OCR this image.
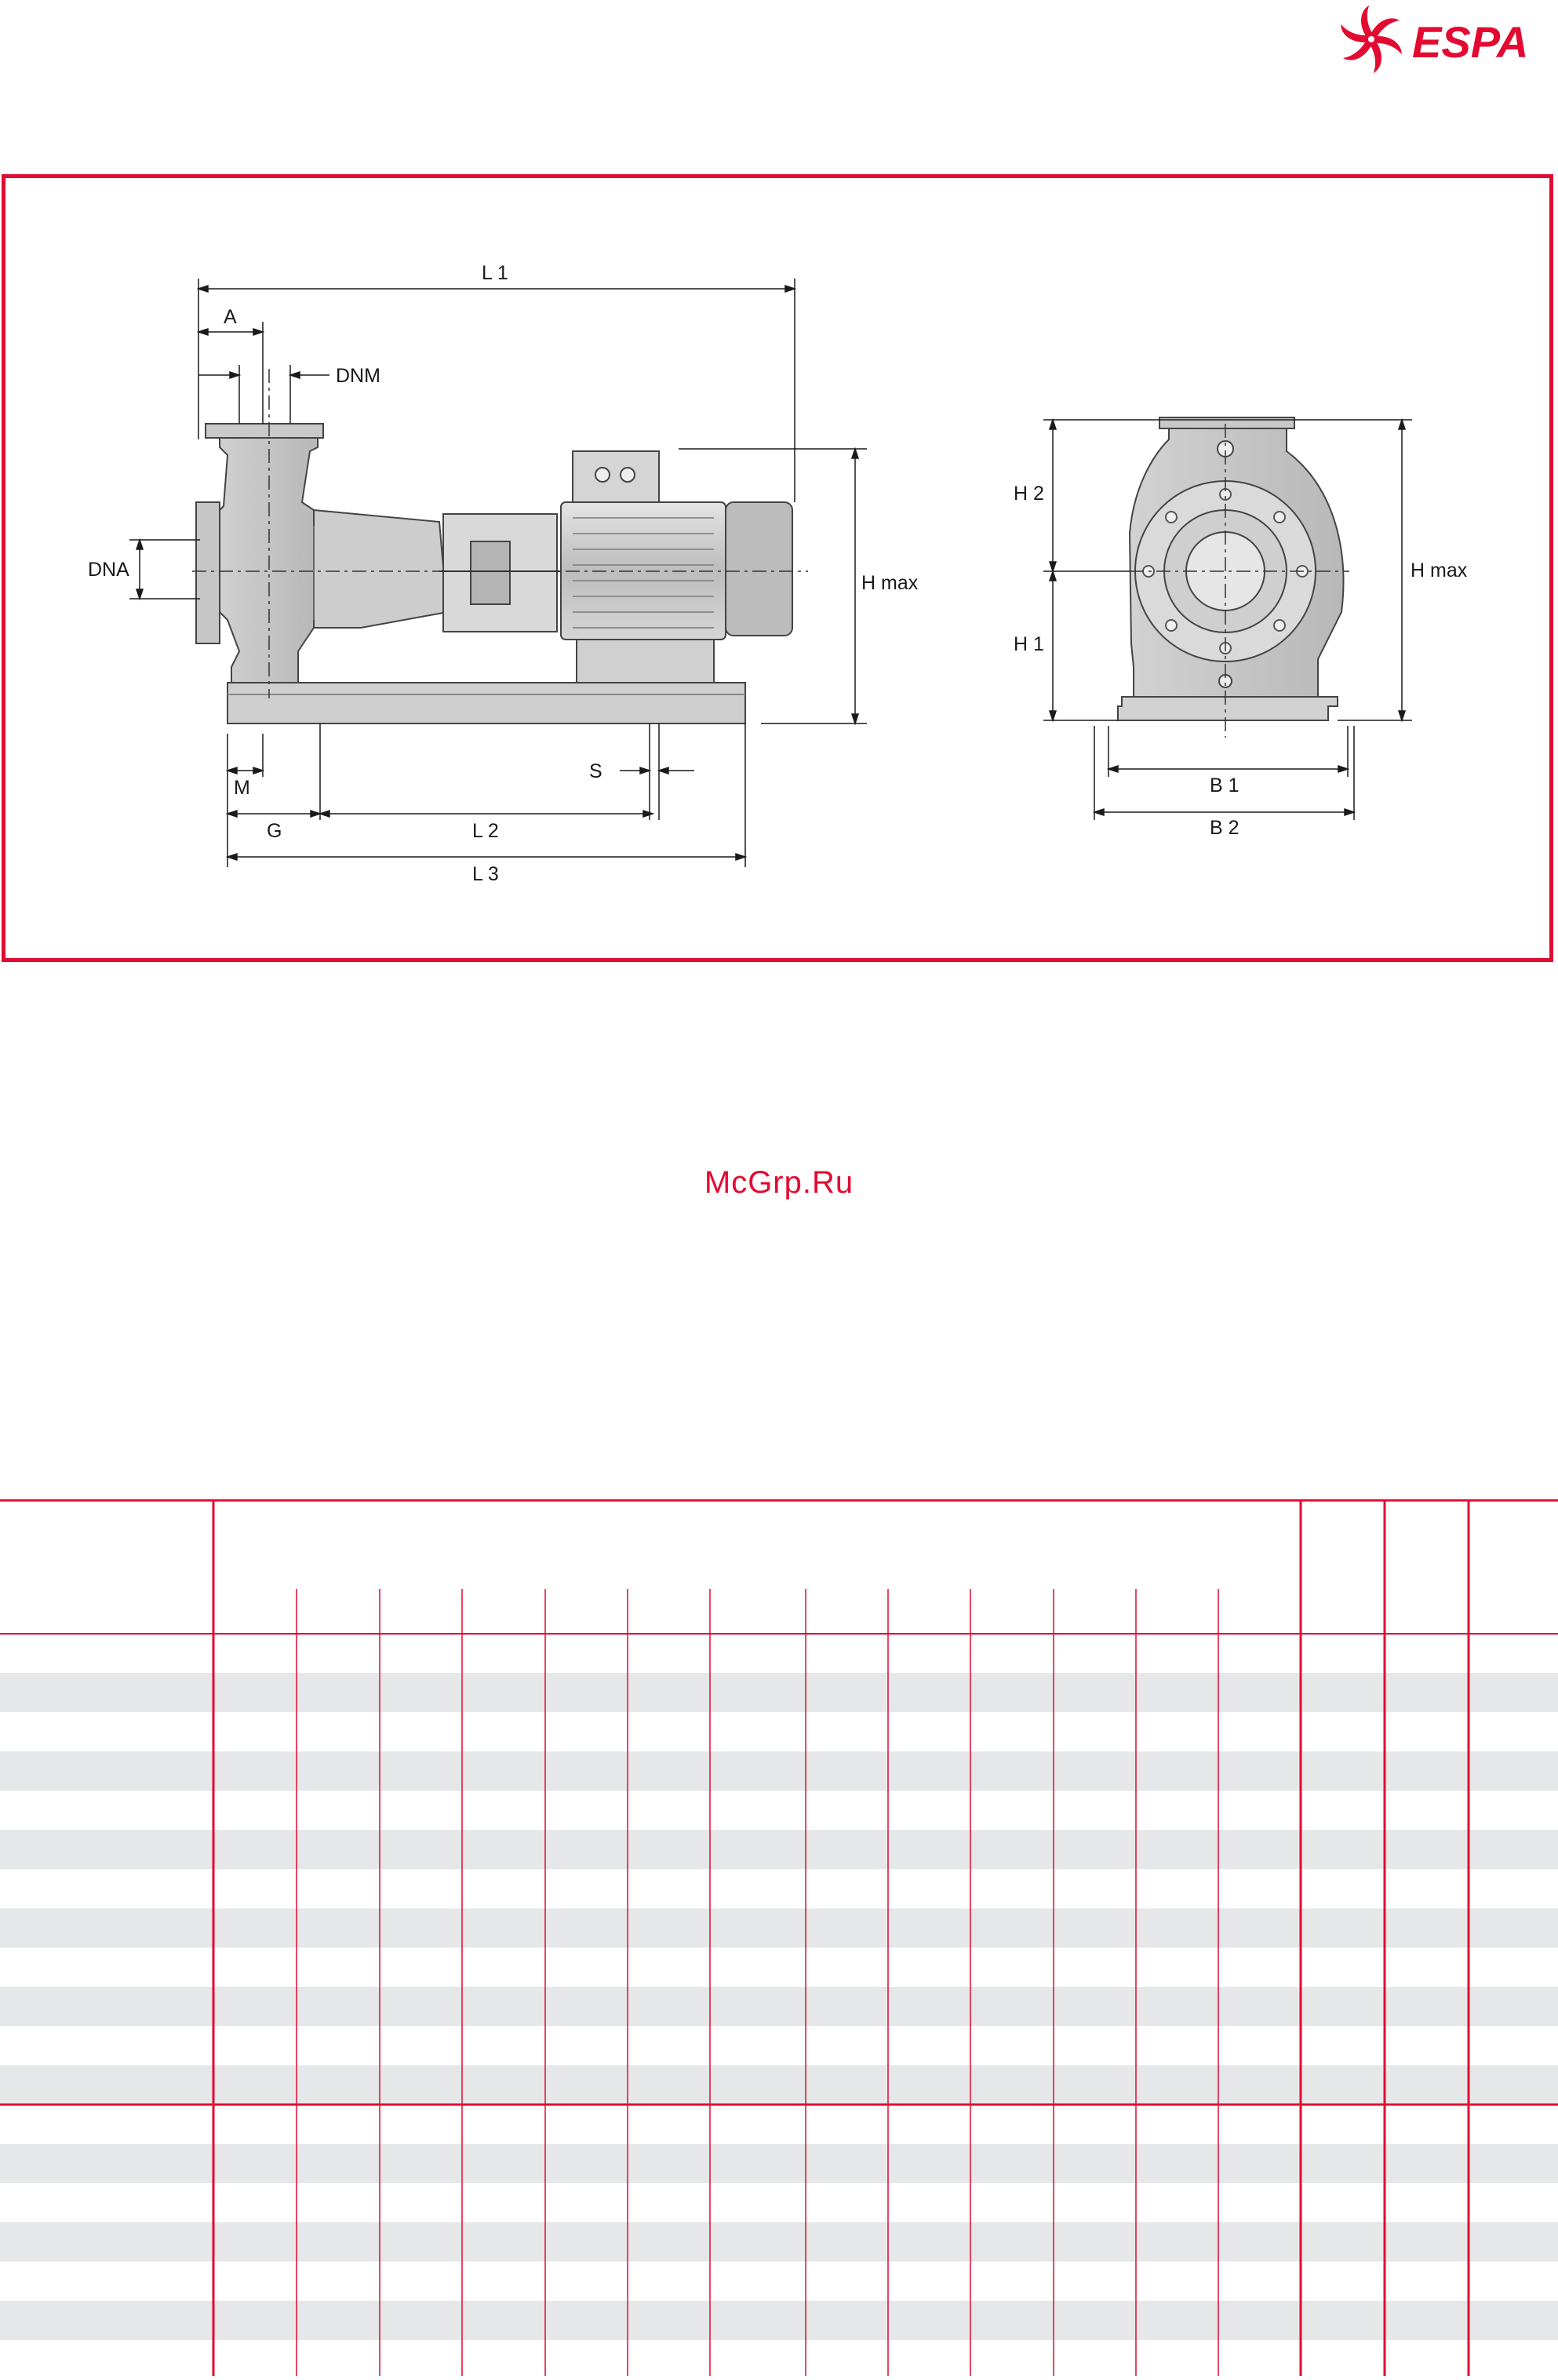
ESPA
L 1
A
DNM
DNA
H max
M
S
G	L 2
L 3
H 2
H 1
H max
B 1
B 2
McGrp.Ru
